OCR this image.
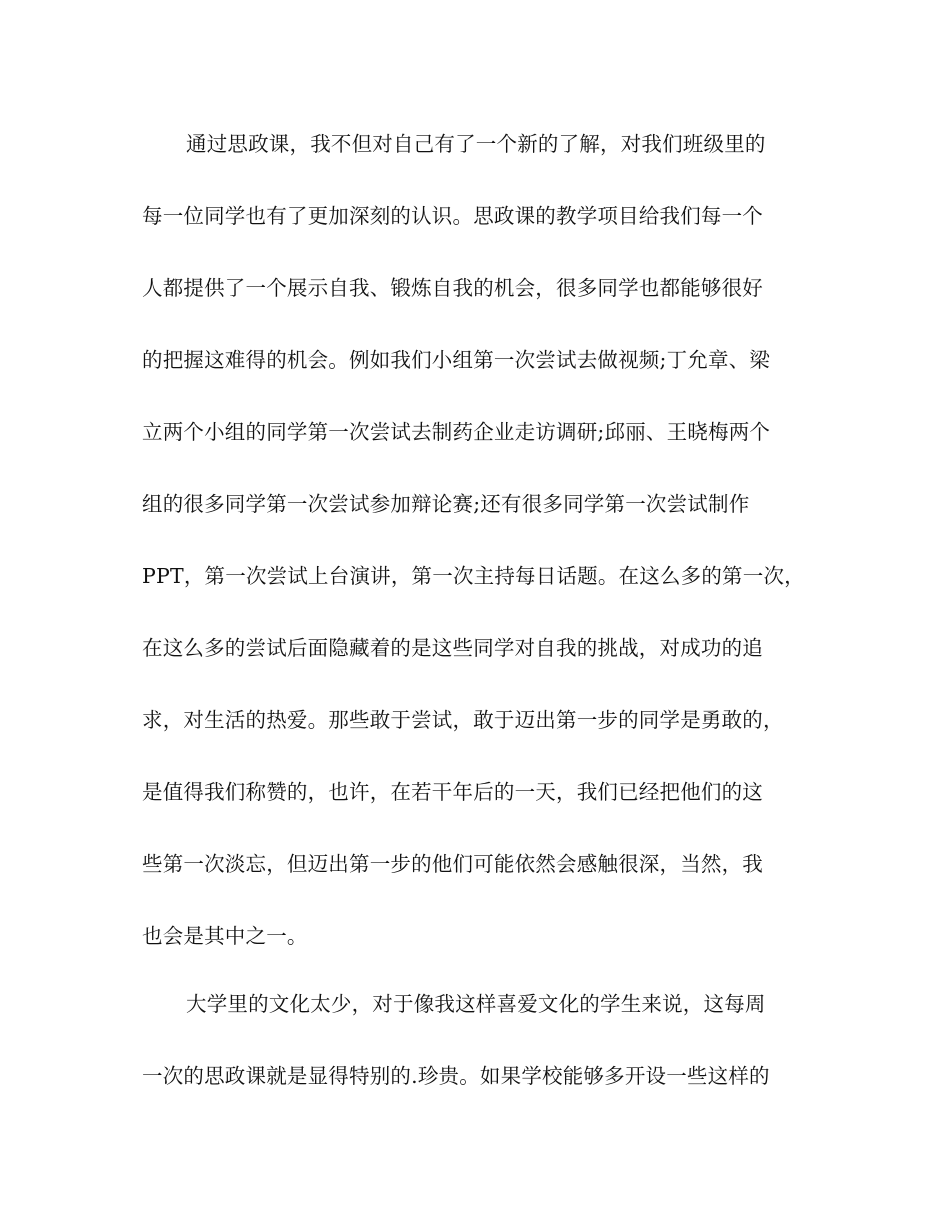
通过思政课，我不但对自己有了一个新的了解，对我们班级里的
每一位同学也有了更加深刻的认识。思政课的教学项目给我们每一个
人都提供了一个展示自我、锻炼自我的机会，很多同学也都能够很好
的把握这难得的机会。例如我们小组第一次尝试去做视频;丁允章、梁
立两个小组的同学第一次尝试去制药企业走访调研;邱丽、王晓梅两个
组的很多同学第一次尝试参加辩论赛;还有很多同学第一次尝试制作
PPT，第一次尝试上台演讲，第一次主持每日话题。在这么多的第一次，
在这么多的尝试后面隐藏着的是这些同学对自我的挑战，对成功的追
求，对生活的热爱。那些敢于尝试，敢于迈出第一步的同学是勇敢的，
是值得我们称赞的，也许，在若干年后的一天，我们已经把他们的这
些第一次淡忘，但迈出第一步的他们可能依然会感触很深，当然，我
也会是其中之一。
大学里的文化太少，对于像我这样喜爱文化的学生来说，这每周
一次的思政课就是显得特别的.珍贵。如果学校能够多开设一些这样的
